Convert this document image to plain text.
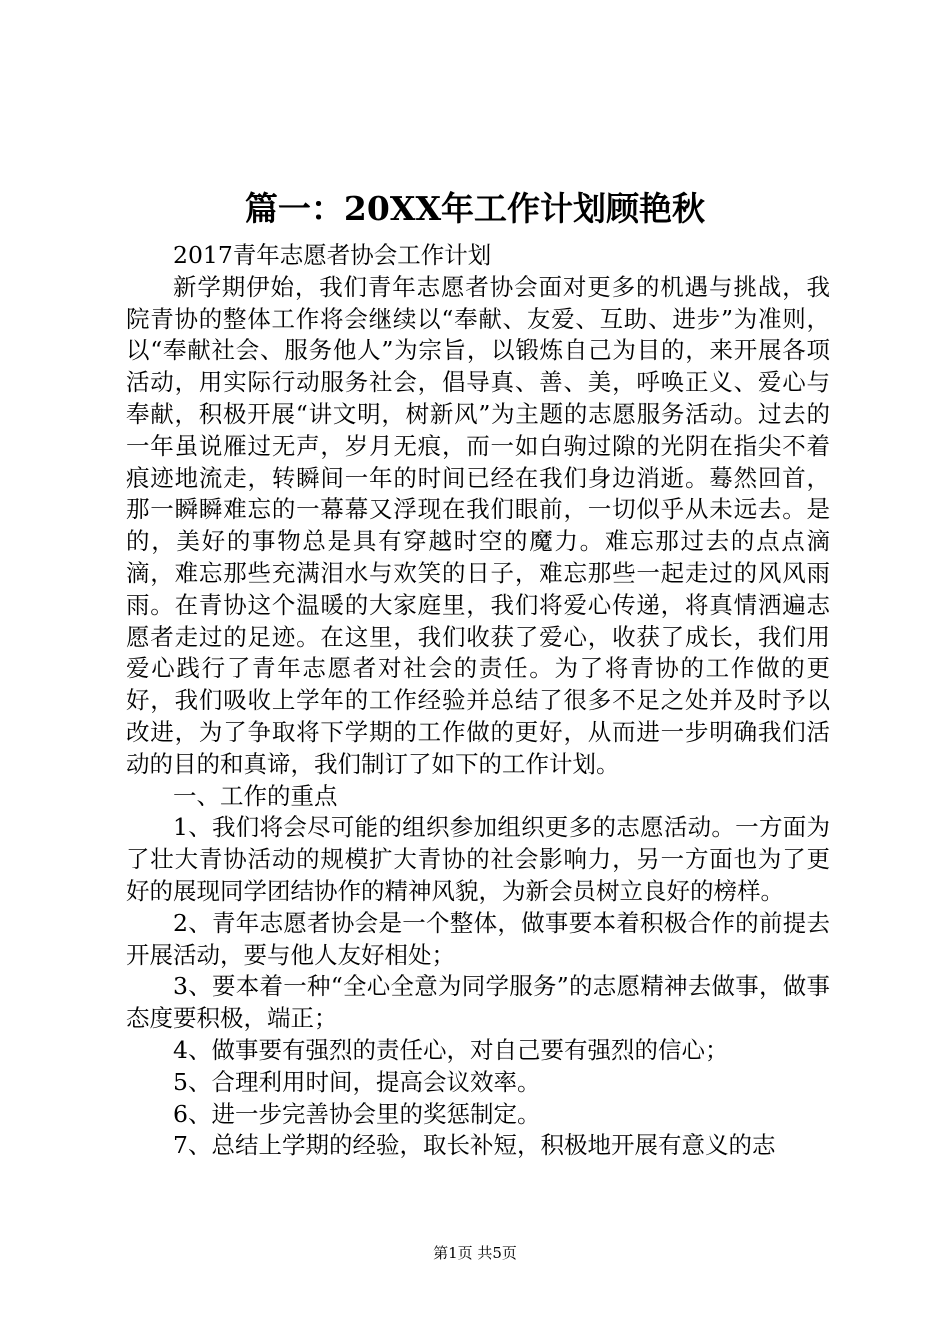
篇一：20XX年工作计划顾艳秋

2017青年志愿者协会工作计划

新学期伊始，我们青年志愿者协会面对更多的机遇与挑战，我院青协的整体工作将会继续以“奉献、友爱、互助、进步”为准则，以“奉献社会、服务他人”为宗旨，以锻炼自己为目的，来开展各项活动，用实际行动服务社会，倡导真、善、美，呼唤正义、爱心与奉献，积极开展“讲文明，树新风”为主题的志愿服务活动。过去的一年虽说雁过无声，岁月无痕，而一如白驹过隙的光阴在指尖不着痕迹地流走，转瞬间一年的时间已经在我们身边消逝。蓦然回首，那一瞬瞬难忘的一幕幕又浮现在我们眼前，一切似乎从未远去。是的，美好的事物总是具有穿越时空的魔力。难忘那过去的点点滴滴，难忘那些充满泪水与欢笑的日子，难忘那些一起走过的风风雨雨。在青协这个温暖的大家庭里，我们将爱心传递，将真情洒遍志愿者走过的足迹。在这里，我们收获了爱心，收获了成长，我们用爱心践行了青年志愿者对社会的责任。为了将青协的工作做的更好，我们吸收上学年的工作经验并总结了很多不足之处并及时予以改进，为了争取将下学期的工作做的更好，从而进一步明确我们活动的目的和真谛，我们制订了如下的工作计划。

一、工作的重点

1、我们将会尽可能的组织参加组织更多的志愿活动。一方面为了壮大青协活动的规模扩大青协的社会影响力，另一方面也为了更好的展现同学团结协作的精神风貌，为新会员树立良好的榜样。

2、青年志愿者协会是一个整体，做事要本着积极合作的前提去开展活动，要与他人友好相处；

3、要本着一种“全心全意为同学服务”的志愿精神去做事，做事态度要积极，端正；

4、做事要有强烈的责任心，对自己要有强烈的信心；

5、合理利用时间，提高会议效率。

6、进一步完善协会里的奖惩制定。

7、总结上学期的经验，取长补短，积极地开展有意义的志

第1页 共5页
